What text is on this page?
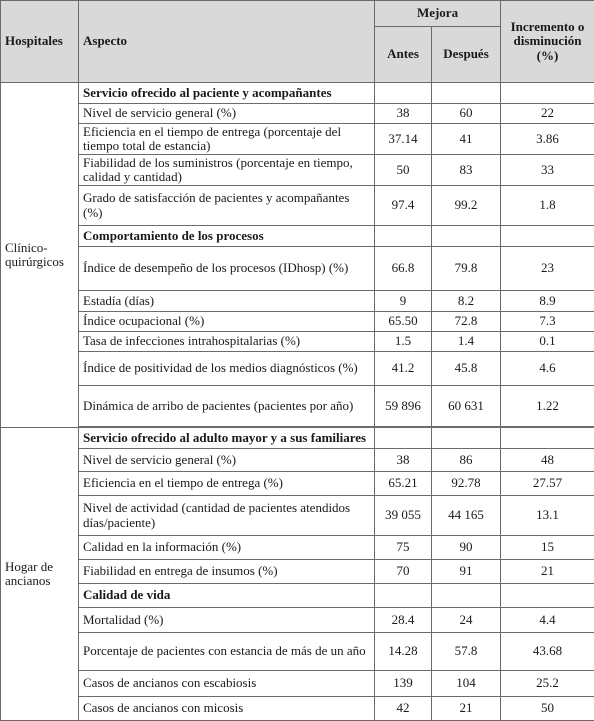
Hospitales	Aspecto	Mejora		Incremento o disminución (%)
		Antes	Después	
Clínico-quirúrgicos	Servicio ofrecido al paciente y acompañantes			
	Nivel de servicio general (%)	38	60	22
	Eficiencia en el tiempo de entrega (porcentaje del tiempo total de estancia)	37.14	41	3.86
	Fiabilidad de los suministros (porcentaje en tiempo, calidad y cantidad)	50	83	33
	Grado de satisfacción de pacientes y acompañantes (%)	97.4	99.2	1.8
	Comportamiento de los procesos			
	Índice de desempeño de los procesos (IDhosp) (%)	66.8	79.8	23
	Estadía (días)	9	8.2	8.9
	Índice ocupacional (%)	65.50	72.8	7.3
	Tasa de infecciones intrahospitalarias (%)	1.5	1.4	0.1
	Índice de positividad de los medios diagnósticos (%)	41.2	45.8	4.6
	Dinámica de arribo de pacientes (pacientes por año)	59 896	60 631	1.22

Hogar de ancianos	Servicio ofrecido al adulto mayor y a sus familiares			
	Nivel de servicio general (%)	38	86	48
	Eficiencia en el tiempo de entrega (%)	65.21	92.78	27.57
	Nivel de actividad (cantidad de pacientes atendidos días/paciente)	39 055	44 165	13.1
	Calidad en la información (%)	75	90	15
	Fiabilidad en entrega de insumos (%)	70	91	21
	Calidad de vida			
	Mortalidad (%)	28.4	24	4.4
	Porcentaje de pacientes con estancia de más de un año	14.28	57.8	43.68
	Casos de ancianos con escabiosis	139	104	25.2
	Casos de ancianos con micosis	42	21	50
